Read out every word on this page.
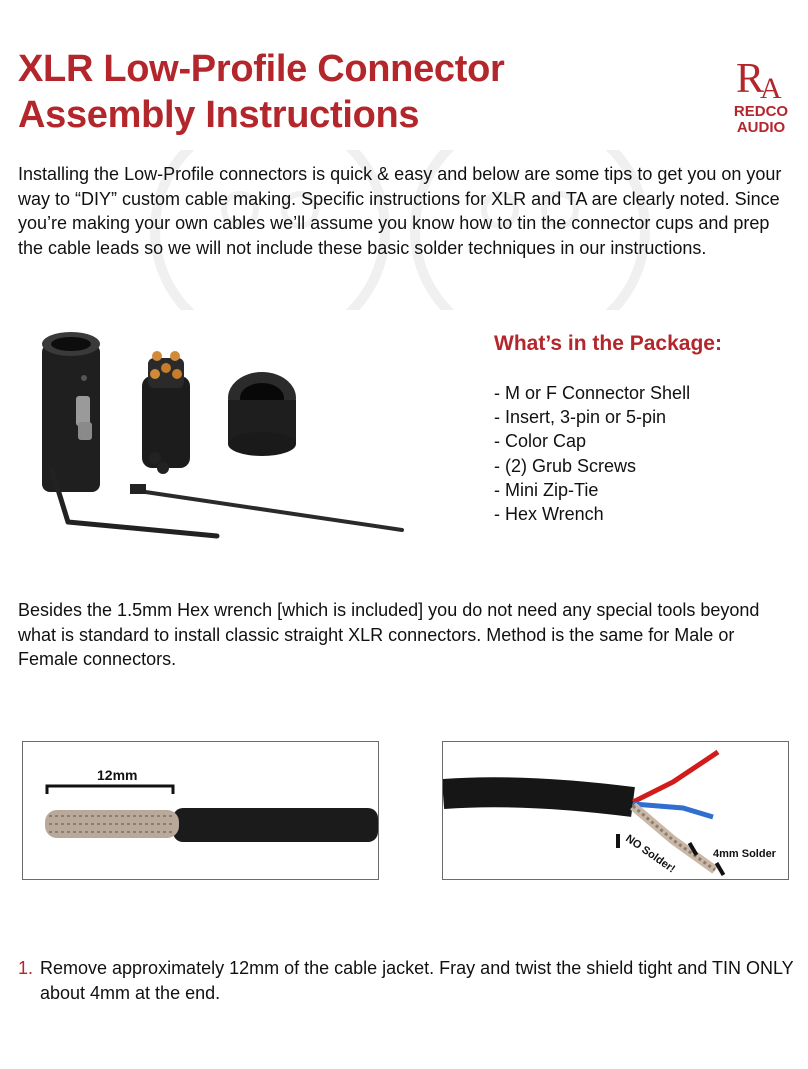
XLR Low-Profile Connector
Assembly Instructions
R
A
REDCO
AUDIO

Installing the Low-Profile connectors is quick & easy and below are some tips to get you on your way to “DIY” custom cable making. Specific instructions for XLR and TA are clearly noted. Since you’re making your own cables we’ll assume you know how to tin the connector cups and prep the cable leads so we will not include these basic solder techniques in our instructions.

What’s in the Package:
- M or F Connector Shell
- Insert, 3-pin or 5-pin
- Color Cap
- (2) Grub Screws
- Mini Zip-Tie
- Hex Wrench

Besides the 1.5mm Hex wrench [which is included] you do not need any special tools beyond what is standard to install classic straight XLR connectors. Method is the same for Male or Female connectors.

12mm
NO Solder!	4mm Solder

1. Remove approximately 12mm of the cable jacket. Fray and twist the shield tight and TIN ONLY about 4mm at the end.
